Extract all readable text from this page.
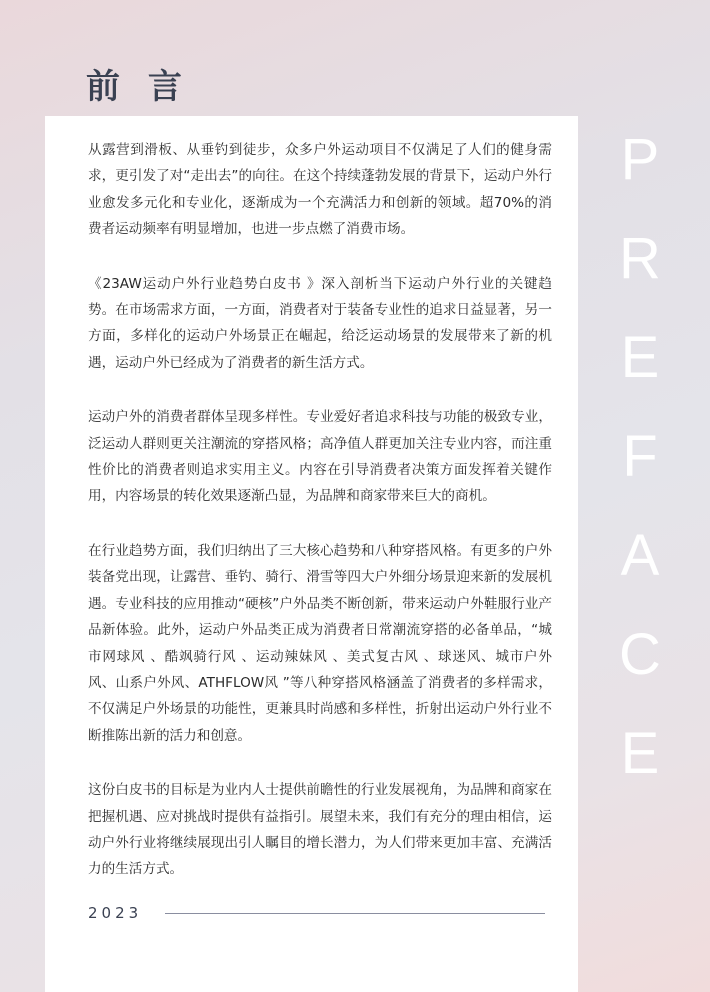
前 言

从露营到滑板、从垂钓到徒步，众多户外运动项目不仅满足了人们的健身需求，更引发了对“走出去”的向往。在这个持续蓬勃发展的背景下，运动户外行业愈发多元化和专业化，逐渐成为一个充满活力和创新的领域。超70%的消费者运动频率有明显增加，也进一步点燃了消费市场。

《23AW运动户外行业趋势白皮书 》深入剖析当下运动户外行业的关键趋势。在市场需求方面，一方面，消费者对于装备专业性的追求日益显著，另一方面，多样化的运动户外场景正在崛起，给泛运动场景的发展带来了新的机遇，运动户外已经成为了消费者的新生活方式。

运动户外的消费者群体呈现多样性。专业爱好者追求科技与功能的极致专业，泛运动人群则更关注潮流的穿搭风格；高净值人群更加关注专业内容，而注重性价比的消费者则追求实用主义。内容在引导消费者决策方面发挥着关键作用，内容场景的转化效果逐渐凸显，为品牌和商家带来巨大的商机。

在行业趋势方面，我们归纳出了三大核心趋势和八种穿搭风格。有更多的户外装备党出现，让露营、垂钓、骑行、滑雪等四大户外细分场景迎来新的发展机遇。专业科技的应用推动“硬核”户外品类不断创新，带来运动户外鞋服行业产品新体验。此外，运动户外品类正成为消费者日常潮流穿搭的必备单品，“城市网球风 、酷飒骑行风 、运动辣妹风 、美式复古风 、球迷风、城市户外风、山系户外风、ATHFLOW风 ”等八种穿搭风格涵盖了消费者的多样需求，不仅满足户外场景的功能性，更兼具时尚感和多样性，折射出运动户外行业不断推陈出新的活力和创意。

这份白皮书的目标是为业内人士提供前瞻性的行业发展视角，为品牌和商家在把握机遇、应对挑战时提供有益指引。展望未来，我们有充分的理由相信，运动户外行业将继续展现出引人瞩目的增长潜力，为人们带来更加丰富、充满活力的生活方式。

2023
P
R
E
F
A
C
E
